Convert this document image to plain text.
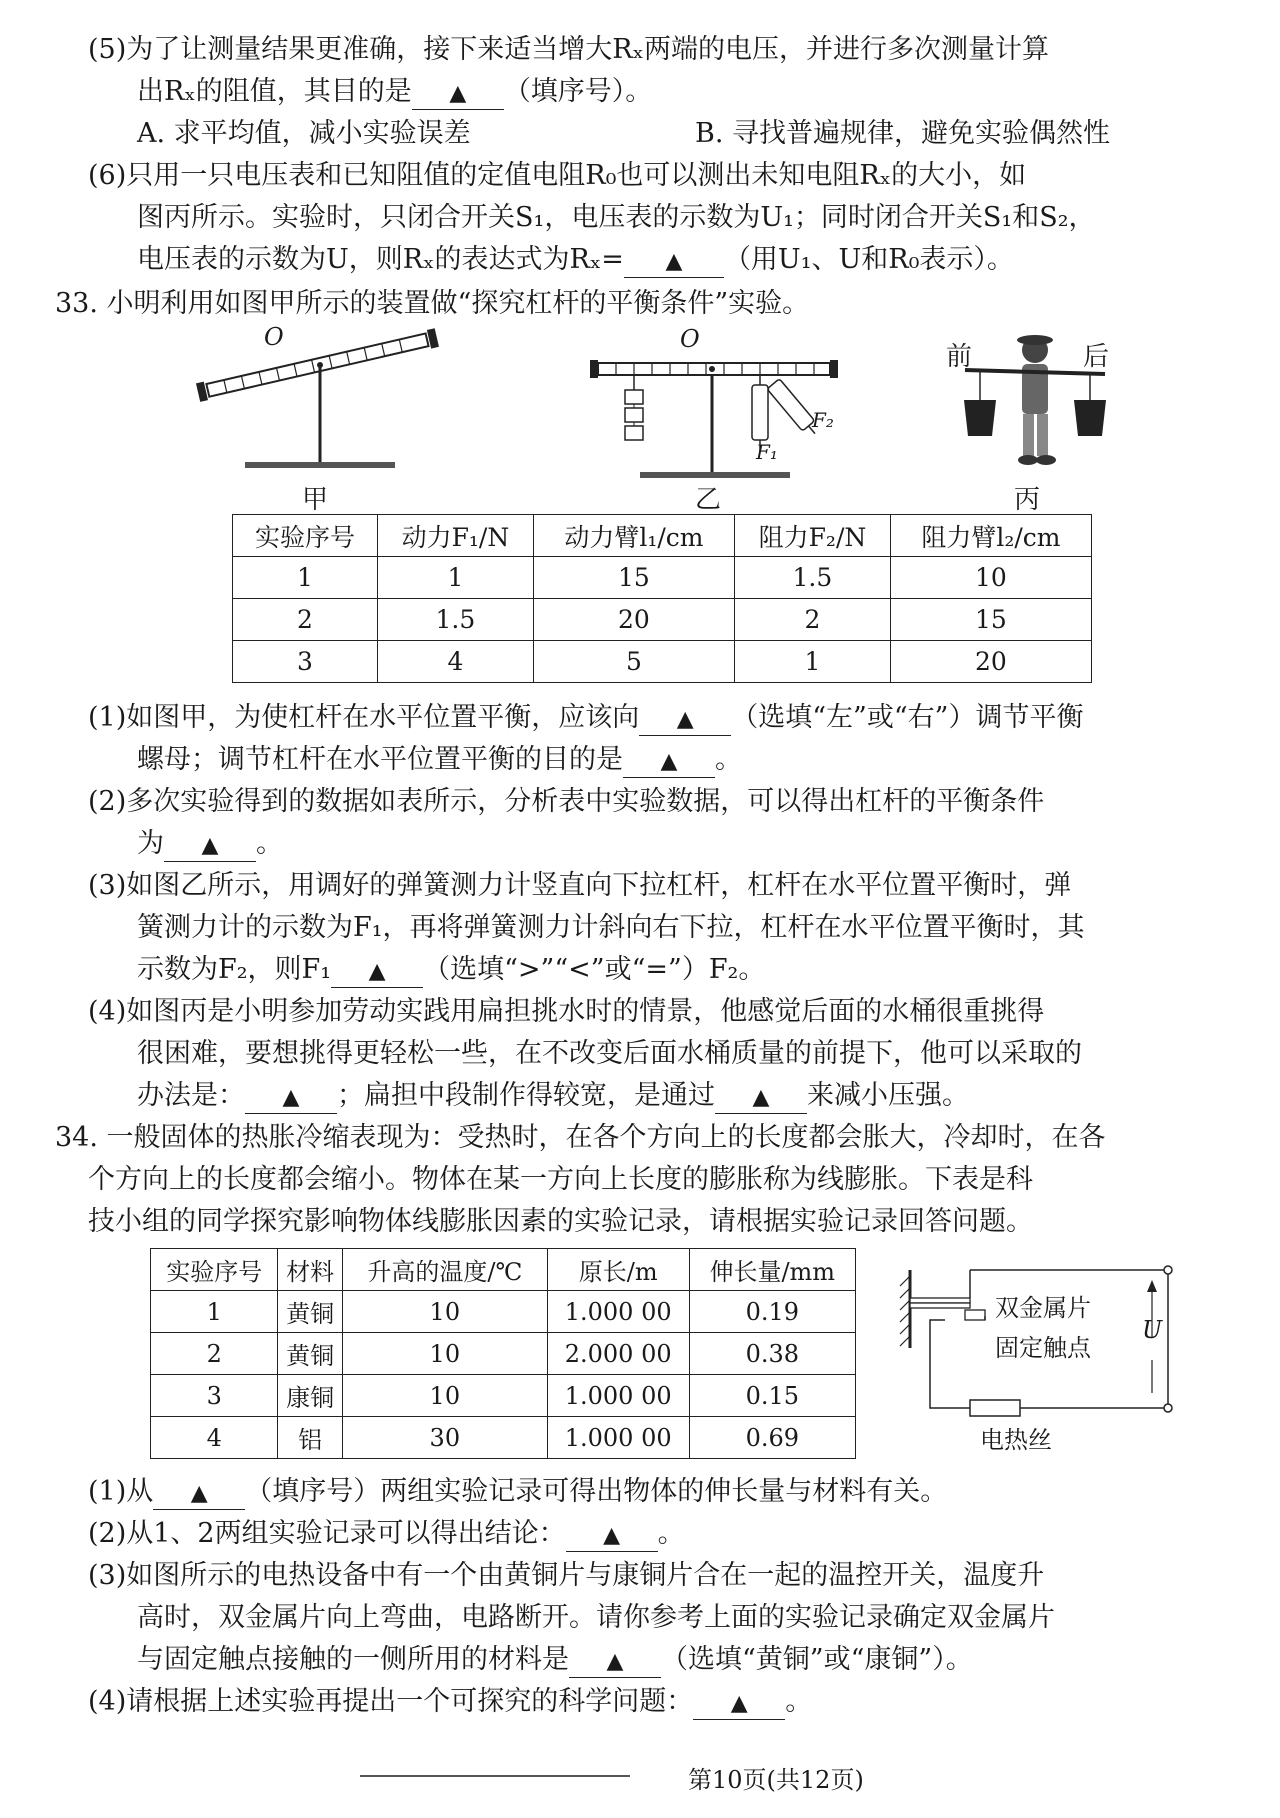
(5)为了让测量结果更准确，接下来适当增大Rₓ两端的电压，并进行多次测量计算
出Rₓ的阻值，其目的是 ▲ （填序号）。
A. 求平均值，减小实验误差	B. 寻找普遍规律，避免实验偶然性
(6)只用一只电压表和已知阻值的定值电阻R₀也可以测出未知电阻Rₓ的大小，如
图丙所示。实验时，只闭合开关S₁，电压表的示数为U₁；同时闭合开关S₁和S₂，
电压表的示数为U，则Rₓ的表达式为Rₓ= ▲ （用U₁、U和R₀表示）。
33. 小明利用如图甲所示的装置做“探究杠杆的平衡条件”实验。
O
甲
O
F₂
F₁
乙
前	后
丙
实验序号	动力F₁/N	动力臂l₁/cm	阻力F₂/N	阻力臂l₂/cm
1	1	15	1.5	10
2	1.5	20	2	15
3	4	5	1	20
(1)如图甲，为使杠杆在水平位置平衡，应该向 ▲ （选填“左”或“右”）调节平衡
螺母；调节杠杆在水平位置平衡的目的是 ▲ 。
(2)多次实验得到的数据如表所示，分析表中实验数据，可以得出杠杆的平衡条件
为 ▲ 。
(3)如图乙所示，用调好的弹簧测力计竖直向下拉杠杆，杠杆在水平位置平衡时，弹
簧测力计的示数为F₁，再将弹簧测力计斜向右下拉，杠杆在水平位置平衡时，其
示数为F₂，则F₁ ▲ （选填“>”“<”或“=”）F₂。
(4)如图丙是小明参加劳动实践用扁担挑水时的情景，他感觉后面的水桶很重挑得
很困难，要想挑得更轻松一些，在不改变后面水桶质量的前提下，他可以采取的
办法是： ▲ ；扁担中段制作得较宽，是通过 ▲ 来减小压强。
34. 一般固体的热胀冷缩表现为：受热时，在各个方向上的长度都会胀大，冷却时，在各
个方向上的长度都会缩小。物体在某一方向上长度的膨胀称为线膨胀。下表是科
技小组的同学探究影响物体线膨胀因素的实验记录，请根据实验记录回答问题。
实验序号	材料	升高的温度/℃	原长/m	伸长量/mm
1	黄铜	10	1.000 00	0.19
2	黄铜	10	2.000 00	0.38
3	康铜	10	1.000 00	0.15
4	铝	30	1.000 00	0.69
双金属片
固定触点
U
电热丝
(1)从 ▲ （填序号）两组实验记录可得出物体的伸长量与材料有关。
(2)从1、2两组实验记录可以得出结论： ▲ 。
(3)如图所示的电热设备中有一个由黄铜片与康铜片合在一起的温控开关，温度升
高时，双金属片向上弯曲，电路断开。请你参考上面的实验记录确定双金属片
与固定触点接触的一侧所用的材料是 ▲ （选填“黄铜”或“康铜”）。
(4)请根据上述实验再提出一个可探究的科学问题： ▲ 。
第10页(共12页)
